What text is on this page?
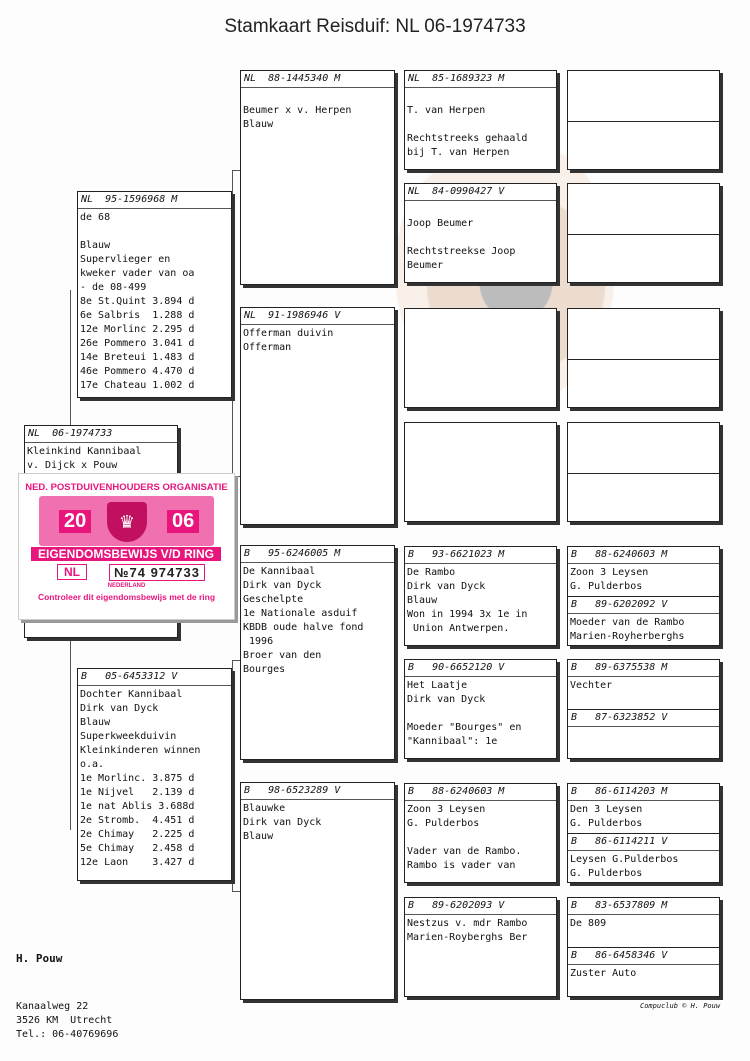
Stamkaart Reisduif: NL 06-1974733
NL  06-1974733
Kleinkind Kannibaal
v. Dijck x Pouw
NED. POSTDUIVENHOUDERS ORGANISATIE
20	♛	06
EIGENDOMSBEWIJS V/D RING
NL	№74 974733
NEDERLAND
Controleer dit eigendomsbewijs met de ring
NL  95-1596968 M
de 68
Blauw
Supervlieger en
kweker vader van oa
- de 08-499
8e St.Quint 3.894 d
6e Salbris  1.288 d
12e Morlinc 2.295 d
26e Pommero 3.041 d
14e Breteui 1.483 d
46e Pommero 4.470 d
17e Chateau 1.002 d
B   05-6453312 V
Dochter Kannibaal
Dirk van Dyck
Blauw
Superkweekduivin
Kleinkinderen winnen
o.a.
1e Morlinc. 3.875 d
1e Nijvel   2.139 d
1e nat Ablis 3.688d
2e Stromb.  4.451 d
2e Chimay   2.225 d
5e Chimay   2.458 d
12e Laon    3.427 d
NL  88-1445340 M
Beumer x v. Herpen
Blauw
NL  91-1986946 V
Offerman duivin
Offerman
B   95-6246005 M
De Kannibaal
Dirk van Dyck
Geschelpte
1e Nationale asduif
KBDB oude halve fond
1996
Broer van den
Bourges
B   98-6523289 V
Blauwke
Dirk van Dyck
Blauw
NL  85-1689323 M
T. van Herpen
Rechtstreeks gehaald
bij T. van Herpen
NL  84-0990427 V
Joop Beumer
Rechtstreekse Joop
Beumer
B   93-6621023 M
De Rambo
Dirk van Dyck
Blauw
Won in 1994 3x 1e in
Union Antwerpen.
B   90-6652120 V
Het Laatje
Dirk van Dyck
Moeder "Bourges" en
"Kannibaal": 1e
B   88-6240603 M
Zoon 3 Leysen
G. Pulderbos
Vader van de Rambo.
Rambo is vader van
B   89-6202093 V
Nestzus v. mdr Rambo
Marien-Royberghs Ber
B   88-6240603 M
Zoon 3 Leysen
G. Pulderbos
B   89-6202092 V
Moeder van de Rambo
Marien-Royherberghs
B   89-6375538 M
Vechter
B   87-6323852 V
B   86-6114203 M
Den 3 Leysen
G. Pulderbos
B   86-6114211 V
Leysen G.Pulderbos
G. Pulderbos
B   83-6537809 M
De 809
B   86-6458346 V
Zuster Auto

H. Pouw

Kanaalweg 22
3526 KM  Utrecht
Tel.: 06-40769696

Compuclub © H. Pouw
